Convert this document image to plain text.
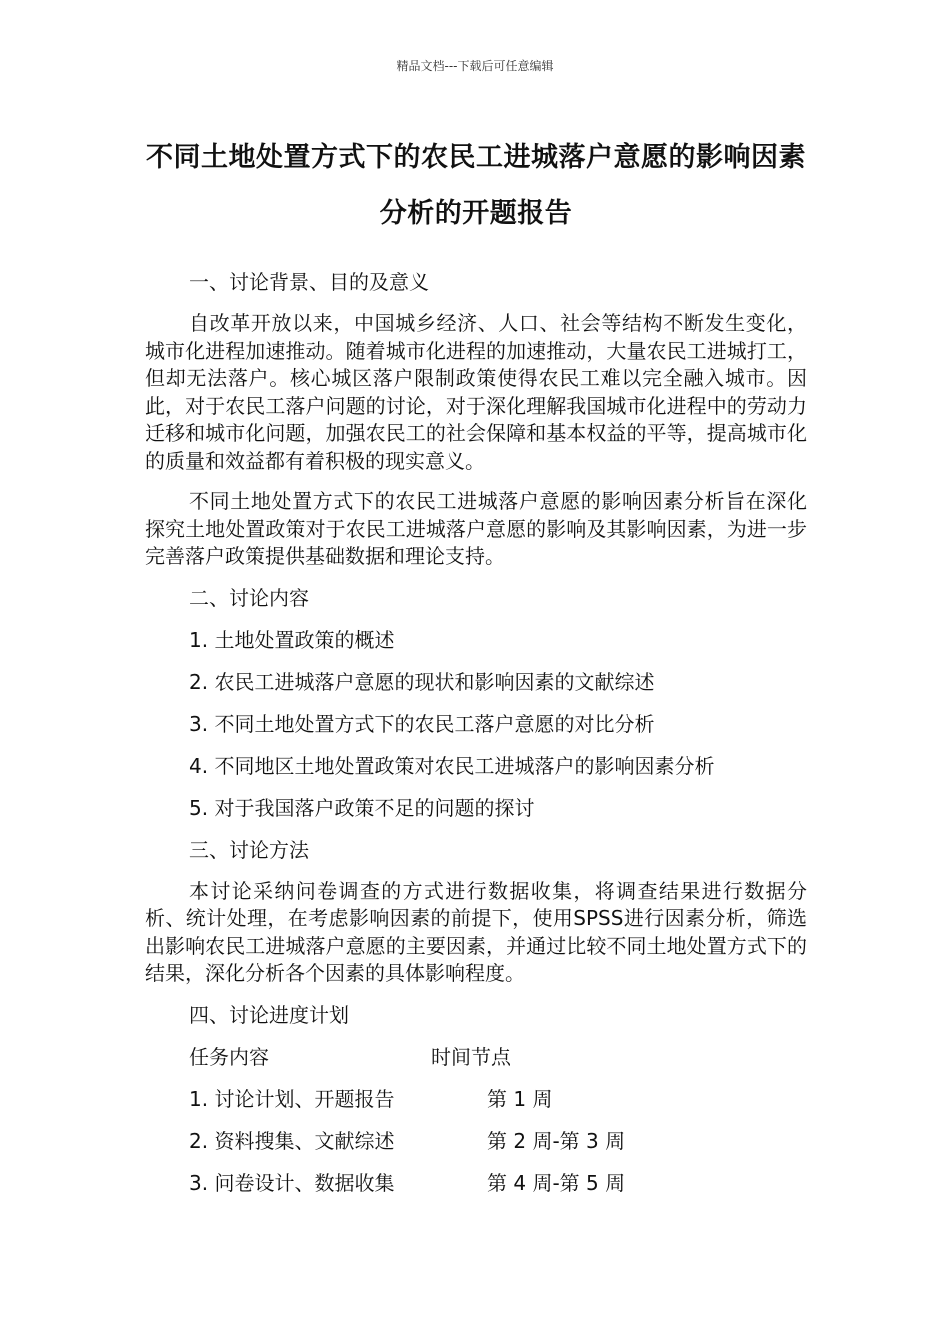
精品文档---下载后可任意编辑
不同土地处置方式下的农民工进城落户意愿的影响因素分析的开题报告

一、讨论背景、目的及意义

自改革开放以来，中国城乡经济、人口、社会等结构不断发生变化，城市化进程加速推动。随着城市化进程的加速推动，大量农民工进城打工，但却无法落户。核心城区落户限制政策使得农民工难以完全融入城市。因此，对于农民工落户问题的讨论，对于深化理解我国城市化进程中的劳动力迁移和城市化问题，加强农民工的社会保障和基本权益的平等，提高城市化的质量和效益都有着积极的现实意义。

不同土地处置方式下的农民工进城落户意愿的影响因素分析旨在深化探究土地处置政策对于农民工进城落户意愿的影响及其影响因素，为进一步完善落户政策提供基础数据和理论支持。

二、讨论内容

1. 土地处置政策的概述

2. 农民工进城落户意愿的现状和影响因素的文献综述

3. 不同土地处置方式下的农民工落户意愿的对比分析

4. 不同地区土地处置政策对农民工进城落户的影响因素分析

5. 对于我国落户政策不足的问题的探讨

三、讨论方法

本讨论采纳问卷调查的方式进行数据收集，将调查结果进行数据分析、统计处理，在考虑影响因素的前提下，使用SPSS进行因素分析，筛选出影响农民工进城落户意愿的主要因素，并通过比较不同土地处置方式下的结果，深化分析各个因素的具体影响程度。

四、讨论进度计划

任务内容	时间节点
1. 讨论计划、开题报告	第 1 周
2. 资料搜集、文献综述	第 2 周-第 3 周
3. 问卷设计、数据收集	第 4 周-第 5 周
